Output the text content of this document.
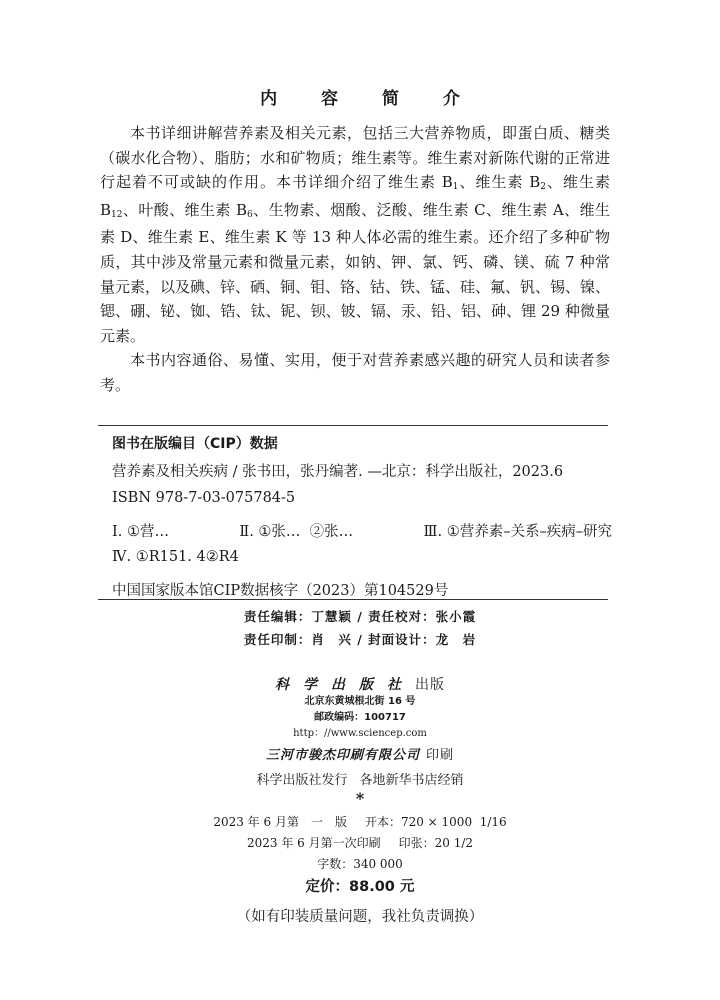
内 容 简 介

本书详细讲解营养素及相关元素，包括三大营养物质，即蛋白质、糖类（碳水化合物）、脂肪；水和矿物质；维生素等。维生素对新陈代谢的正常进行起着不可或缺的作用。本书详细介绍了维生素 $B_1$、维生素 $B_2$、维生素 $B_{12}$、叶酸、维生素 $B_6$、生物素、烟酸、泛酸、维生素 C、维生素 A、维生素 D、维生素 E、维生素 K 等 13 种人体必需的维生素。还介绍了多种矿物质，其中涉及常量元素和微量元素，如钠、钾、氯、钙、磷、镁、硫 7 种常量元素，以及碘、锌、硒、铜、钼、铬、钴、铁、锰、硅、氟、钒、锡、镍、锶、硼、铋、铷、锆、钛、铌、钡、铍、镉、汞、铅、铝、砷、锂 29 种微量元素。

本书内容通俗、易懂、实用，便于对营养素感兴趣的研究人员和读者参考。

图书在版编目（CIP）数据
营养素及相关疾病 / 张书田，张丹编著. —北京：科学出版社，2023.6
ISBN 978-7-03-075784-5
Ⅰ. ①营…	Ⅱ. ①张…  ②张…	Ⅲ. ①营养素–关系–疾病–研究
Ⅳ. ①R151. 4②R4
中国国家版本馆CIP数据核字（2023）第104529号
责任编辑：丁慧颖 / 责任校对：张小霞
责任印制：肖　兴 / 封面设计：龙　岩
科学出版社出版
北京东黄城根北街 16 号
邮政编码：100717
http：//www.sciencep.com
三河市骏杰印刷有限公司 印刷
科学出版社发行 各地新华书店经销
*
2023 年 6 月第　一　版 开本：720 × 1000  1/16
2023 年 6 月第一次印刷 印张：20 1/2
字数：340 000
定价：88.00 元
（如有印装质量问题，我社负责调换）
